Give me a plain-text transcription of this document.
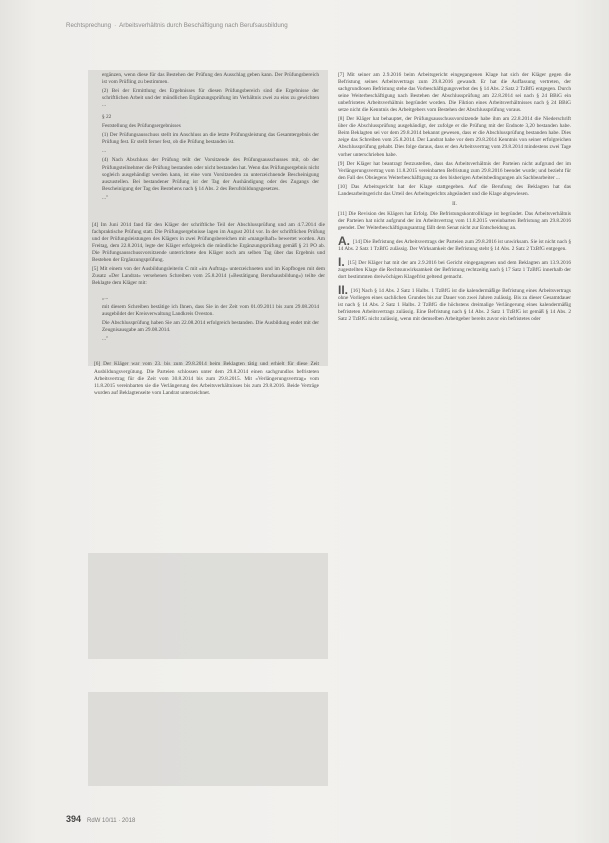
Rechtsprechung · Arbeitsverhältnis durch Beschäftigung nach Berufsausbildung

ergänzen, wenn diese für das Bestehen der Prüfung den Ausschlag geben kann. Der Prüfungsbereich ist vom Prüfling zu bestimmen.

(2) Bei der Ermittlung des Ergebnisses für diesen Prüfungsbereich sind die Ergebnisse der schriftlichen Arbeit und der mündlichen Ergänzungsprüfung im Verhältnis zwei zu eins zu gewichten ...

§ 22

Feststellung des Prüfungsergebnisses

(1) Der Prüfungsausschuss stellt im Anschluss an die letzte Prüfungsleistung das Gesamtergebnis der Prüfung fest. Er stellt ferner fest, ob die Prüfung bestanden ist.

...

(4) Nach Abschluss der Prüfung teilt der Vorsitzende des Prüfungsausschusses mit, ob der Prüfungsteilnehmer die Prüfung bestanden oder nicht bestanden hat. Wenn das Prüfungsergebnis nicht sogleich ausgehändigt werden kann, ist eine vom Vorsitzenden zu unterzeichnende Bescheinigung auszustellen. Bei bestandener Prüfung ist der Tag der Aushändigung oder des Zugangs der Bescheinigung der Tag des Bestehens nach § 14 Abs. 2 des Berufsbildungsgesetzes.

..."

[4] Im Juni 2014 fand für den Kläger der schriftliche Teil der Abschlussprüfung und am 4.7.2014 die fachpraktische Prüfung statt. Die Prüfungsergebnisse lagen im August 2014 vor. In der schriftlichen Prüfung und der Prüfungsleistungen des Klägers in zwei Prüfungsbereichen mit »mangelhaft« bewertet worden. Am Freitag, dem 22.8.2014, legte der Kläger erfolgreich die mündliche Ergänzungsprüfung gemäß § 21 PO ab. Die Prüfungsausschussvorsitzende unterrichtete den Kläger noch am selben Tag über das Ergebnis und Bestehen der Ergänzungsprüfung.

[5] Mit einem von der Ausbildungsleiterin C mit »im Auftrag« unterzeichneten und im Kopfbogen mit dem Zusatz »Der Landrat« versehenen Schreiben vom 25.8.2014 (»Bestätigung Berufsausbildung«) teilte der Beklagte dem Kläger mit:

„...

mit diesem Schreiben bestätige ich Ihnen, dass Sie in der Zeit vom 01.09.2011 bis zum 29.08.2014 ausgebildet der Kreisverwaltung Landkreis Oveston.

Die Abschlussprüfung haben Sie am 22.08.2014 erfolgreich bestanden. Die Ausbildung endet mit der Zeugnisausgabe am 29.08.2014.

..."

[6] Der Kläger war vom 23. bis zum 29.8.2014 beim Beklagten tätig und erhielt für diese Zeit Ausbildungsvergütung. Die Parteien schlossen unter dem 29.8.2014 einen sachgrundlos befristeten Arbeitsvertrag für die Zeit vom 30.8.2014 bis zum 29.8.2015. Mit »Verlängerungsvertrag« vom 11.8.2015 vereinbarten sie die Verlängerung des Arbeitsverhältnisses bis zum 29.8.2016. Beide Verträge wurden auf Beklagtenseite vom Landrat unterzeichnet.

[7] Mit seiner am 2.9.2016 beim Arbeitsgericht eingegangenen Klage hat sich der Kläger gegen die Befristung seines Arbeitsvertrags zum 29.8.2016 gewandt. Er hat die Auffassung vertreten, der sachgrundlosen Befristung stehe das Vorbeschäftigungsverbot des § 14 Abs. 2 Satz 2 TzBfG entgegen. Durch seine Weiterbeschäftigung nach Bestehen der Abschlussprüfung am 22.8.2014 sei nach § 24 BBiG ein unbefristetes Arbeitsverhältnis begründet worden. Die Fiktion eines Arbeitsverhältnisses nach § 24 BBiG setze nicht die Kenntnis des Arbeitgebers vom Bestehen der Abschlussprüfung voraus.

[8] Der Kläger hat behauptet, der Prüfungsausschussvorsitzende habe ihm am 22.8.2014 die Niederschrift über die Abschlussprüfung ausgehändigt, der zufolge er die Prüfung mit der Endnote 3,20 bestanden habe. Beim Beklagten sei vor dem 29.8.2014 bekannt gewesen, dass er die Abschlussprüfung bestanden habe. Dies zeige das Schreiben vom 25.8.2014. Der Landrat habe vor dem 29.8.2014 Kenntnis von seiner erfolgreichen Abschlussprüfung gehabt. Dies folge daraus, dass er den Arbeitsvertrag vom 29.8.2014 mindestens zwei Tage vorher unterschrieben habe.

[9] Der Kläger hat beantragt festzustellen, dass das Arbeitsverhältnis der Parteien nicht aufgrund der im Verlängerungsvertrag vom 11.8.2015 vereinbarten Befristung zum 29.8.2016 beendet wurde; und bezieht für den Fall des Obsiegens Weiterbeschäftigung zu den bisherigen Arbeitsbedingungen als Sachbearbeiter ...

[10] Das Arbeitsgericht hat der Klage stattgegeben. Auf die Berufung des Beklagten hat das Landesarbeitsgericht das Urteil des Arbeitsgerichts abgeändert und die Klage abgewiesen.

II.

[11] Die Revision des Klägers hat Erfolg. Die Befristungskontrollklage ist begründet. Das Arbeitsverhältnis der Parteien hat nicht aufgrund der im Arbeitsvertrag vom 11.8.2015 vereinbarten Befristung am 29.8.2016 geendet. Der Weiterbeschäftigungsantrag fällt dem Senat nicht zur Entscheidung an.

A. [14] Die Befristung des Arbeitsvertrags der Parteien zum 29.8.2016 ist unwirksam. Sie ist nicht nach § 14 Abs. 2 Satz 1 TzBfG zulässig. Der Wirksamkeit der Befristung steht § 14 Abs. 2 Satz 2 TzBfG entgegen.

I. [15] Der Kläger hat mit der am 2.9.2016 bei Gericht eingegangenen und dem Beklagten am 13.9.2016 zugestellten Klage die Rechtsunwirksamkeit der Befristung rechtzeitig nach § 17 Satz 1 TzBfG innerhalb der dort bestimmten dreiwöchigen Klagefrist geltend gemacht.

II. [16] Nach § 14 Abs. 2 Satz 1 Halbs. 1 TzBfG ist die kalendermäßige Befristung eines Arbeitsvertrags ohne Vorliegen eines sachlichen Grundes bis zur Dauer von zwei Jahren zulässig. Bis zu dieser Gesamtdauer ist nach § 14 Abs. 2 Satz 1 Halbs. 2 TzBfG die höchstens dreimalige Verlängerung eines kalendermäßig befristeten Arbeitsvertrags zulässig. Eine Befristung nach § 14 Abs. 2 Satz 1 TzBfG ist gemäß § 14 Abs. 2 Satz 2 TzBfG nicht zulässig, wenn mit demselben Arbeitgeber bereits zuvor ein befristetes oder

394 RdW 10/11 · 2018
